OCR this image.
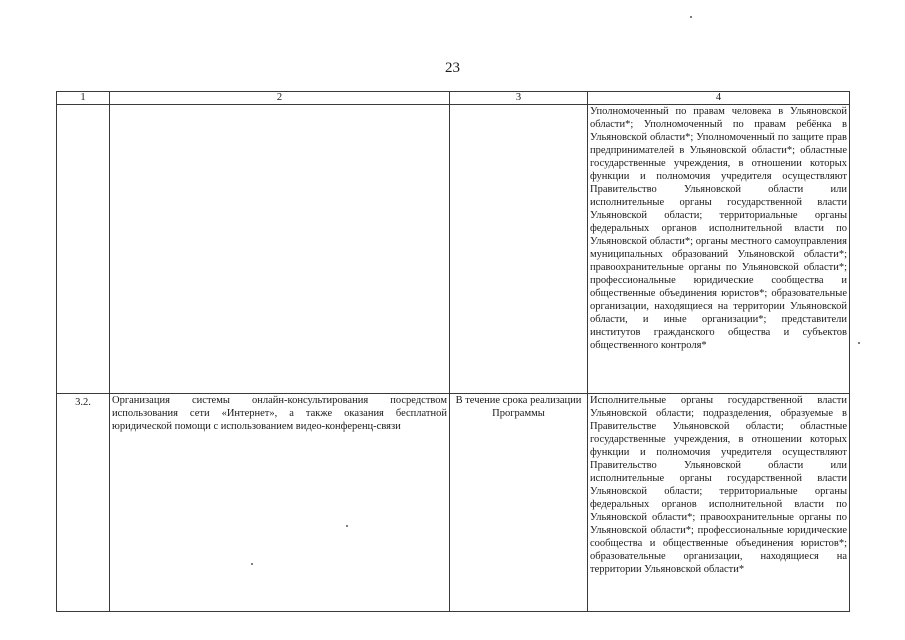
23
1	2	3	4
			Уполномоченный по правам человека в Ульяновской области*; Уполномоченный по правам ребёнка в Ульяновской области*; Уполномоченный по защите прав предпринимателей в Ульяновской области*; областные государственные учреждения, в отношении которых функции и полномочия учредителя осуществляют Правительство Ульяновской области или исполнительные органы государственной власти Ульяновской области; территориальные органы федеральных органов исполнительной власти по Ульяновской области*; органы местного самоуправления муниципальных образований Ульяновской области*; правоохранительные органы по Ульяновской области*; профессиональные юридические сообщества и общественные объединения юристов*; образовательные организации, находящиеся на территории Ульяновской области, и иные организации*; представители институтов гражданского общества и субъектов общественного контроля*
3.2.	Организация системы онлайн-консультирования посредством использования сети «Интернет», а также оказания бесплатной юридической помощи с использованием видео-конференц-связи	В течение срока реализации Программы	Исполнительные органы государственной власти Ульяновской области; подразделения, образуемые в Правительстве Ульяновской области; областные государственные учреждения, в отношении которых функции и полномочия учредителя осуществляют Правительство Ульяновской области или исполнительные органы государственной власти Ульяновской области; территориальные органы федеральных органов исполнительной власти по Ульяновской области*; правоохранительные органы по Ульяновской области*; профессиональные юридические сообщества и общественные объединения юристов*; образовательные организации, находящиеся на территории Ульяновской области*
